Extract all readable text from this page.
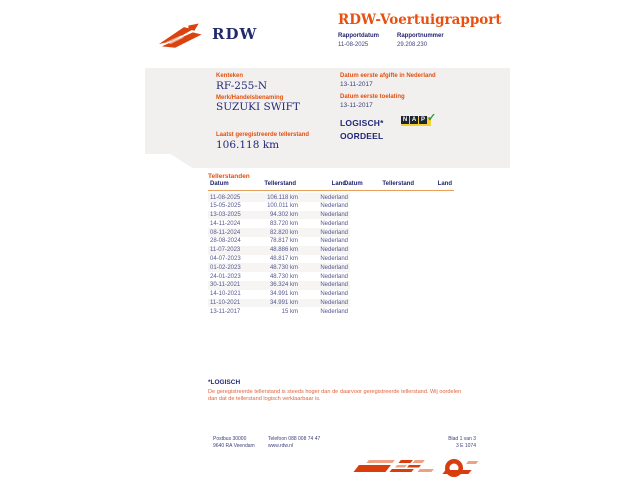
RDW
RDW-Voertuigrapport
Rapportdatum	Rapportnummer
11-08-2025	29.208.230
Kenteken
RF-255-N
Merk/Handelsbenaming
SUZUKI SWIFT
Laatst geregistreerde tellerstand
106.118 km
Datum eerste afgifte in Nederland
13-11-2017
Datum eerste toelating
13-11-2017
LOGISCH*
OORDEEL
N A P ✓
Tellerstanden
Datum	Tellerstand	Land
Datum	Tellerstand	Land
11-08-2025	106.118 km	Nederland
15-05-2025	100.011 km	Nederland
13-03-2025	94.302 km	Nederland
14-11-2024	83.720 km	Nederland
08-11-2024	82.820 km	Nederland
28-08-2024	78.817 km	Nederland
11-07-2023	48.886 km	Nederland
04-07-2023	48.817 km	Nederland
01-02-2023	48.730 km	Nederland
24-01-2023	48.730 km	Nederland
30-11-2021	36.324 km	Nederland
14-10-2021	34.991 km	Nederland
11-10-2021	34.991 km	Nederland
13-11-2017	15 km	Nederland
*LOGISCH
De geregistreerde tellerstand is steeds hoger dan de daarvoor geregistreerde tellerstand. Wij oordelen dan dat de tellerstand logisch verklaarbaar is.
Postbus 30000
9640 RA Veendam
Telefoon 088 008 74 47
www.rdw.nl
Blad 1 van 3
3 E 1074
